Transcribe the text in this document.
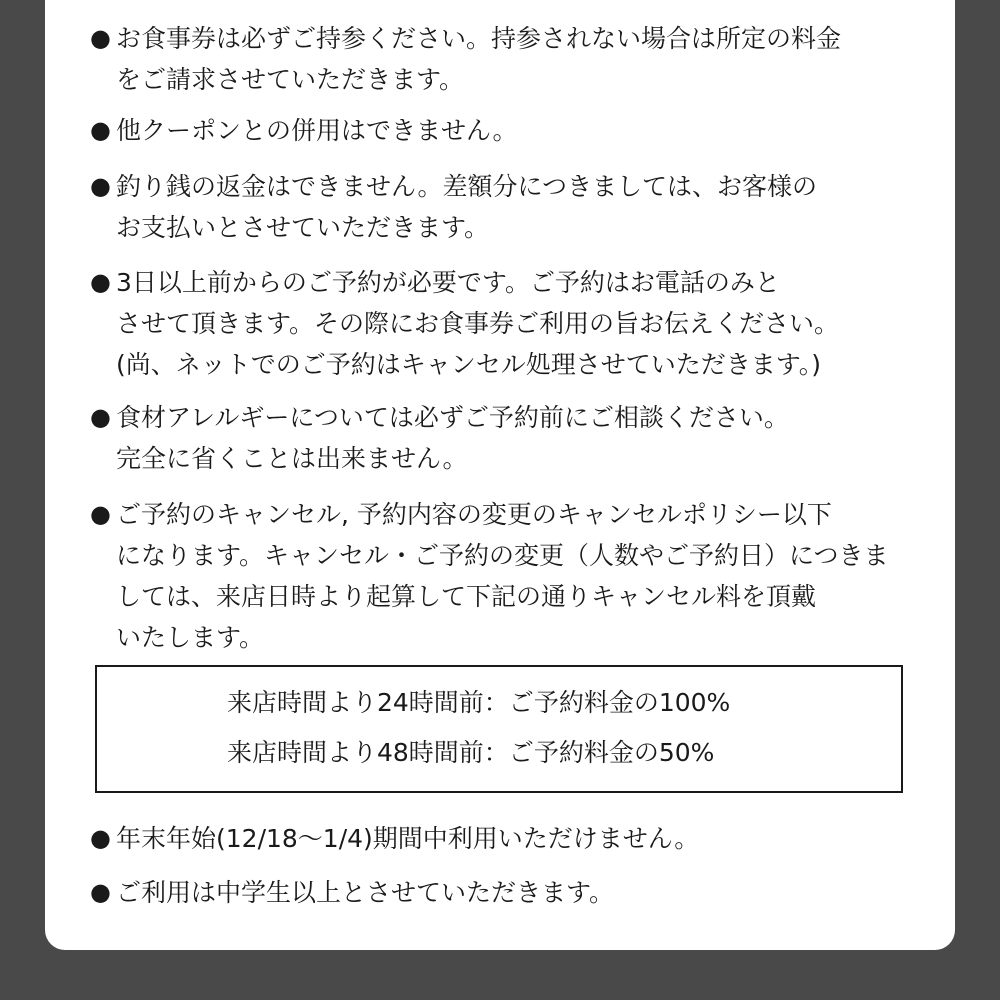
● お食事券は必ずご持参ください。持参されない場合は所定の料金
をご請求させていただきます。
● 他クーポンとの併用はできません。
● 釣り銭の返金はできません。差額分につきましては、お客様の
お支払いとさせていただきます。
● 3日以上前からのご予約が必要です。ご予約はお電話のみと
させて頂きます。その際にお食事券ご利用の旨お伝えください。
(尚、ネットでのご予約はキャンセル処理させていただきます。)
● 食材アレルギーについては必ずご予約前にご相談ください。
完全に省くことは出来ません。
● ご予約のキャンセル, 予約内容の変更のキャンセルポリシー以下
になります。キャンセル・ご予約の変更（人数やご予約日）につきま
しては、来店日時より起算して下記の通りキャンセル料を頂戴
いたします。
来店時間より24時間前：ご予約料金の100%
来店時間より48時間前：ご予約料金の50%
● 年末年始(12/18〜1/4)期間中利用いただけません。
● ご利用は中学生以上とさせていただきます。
